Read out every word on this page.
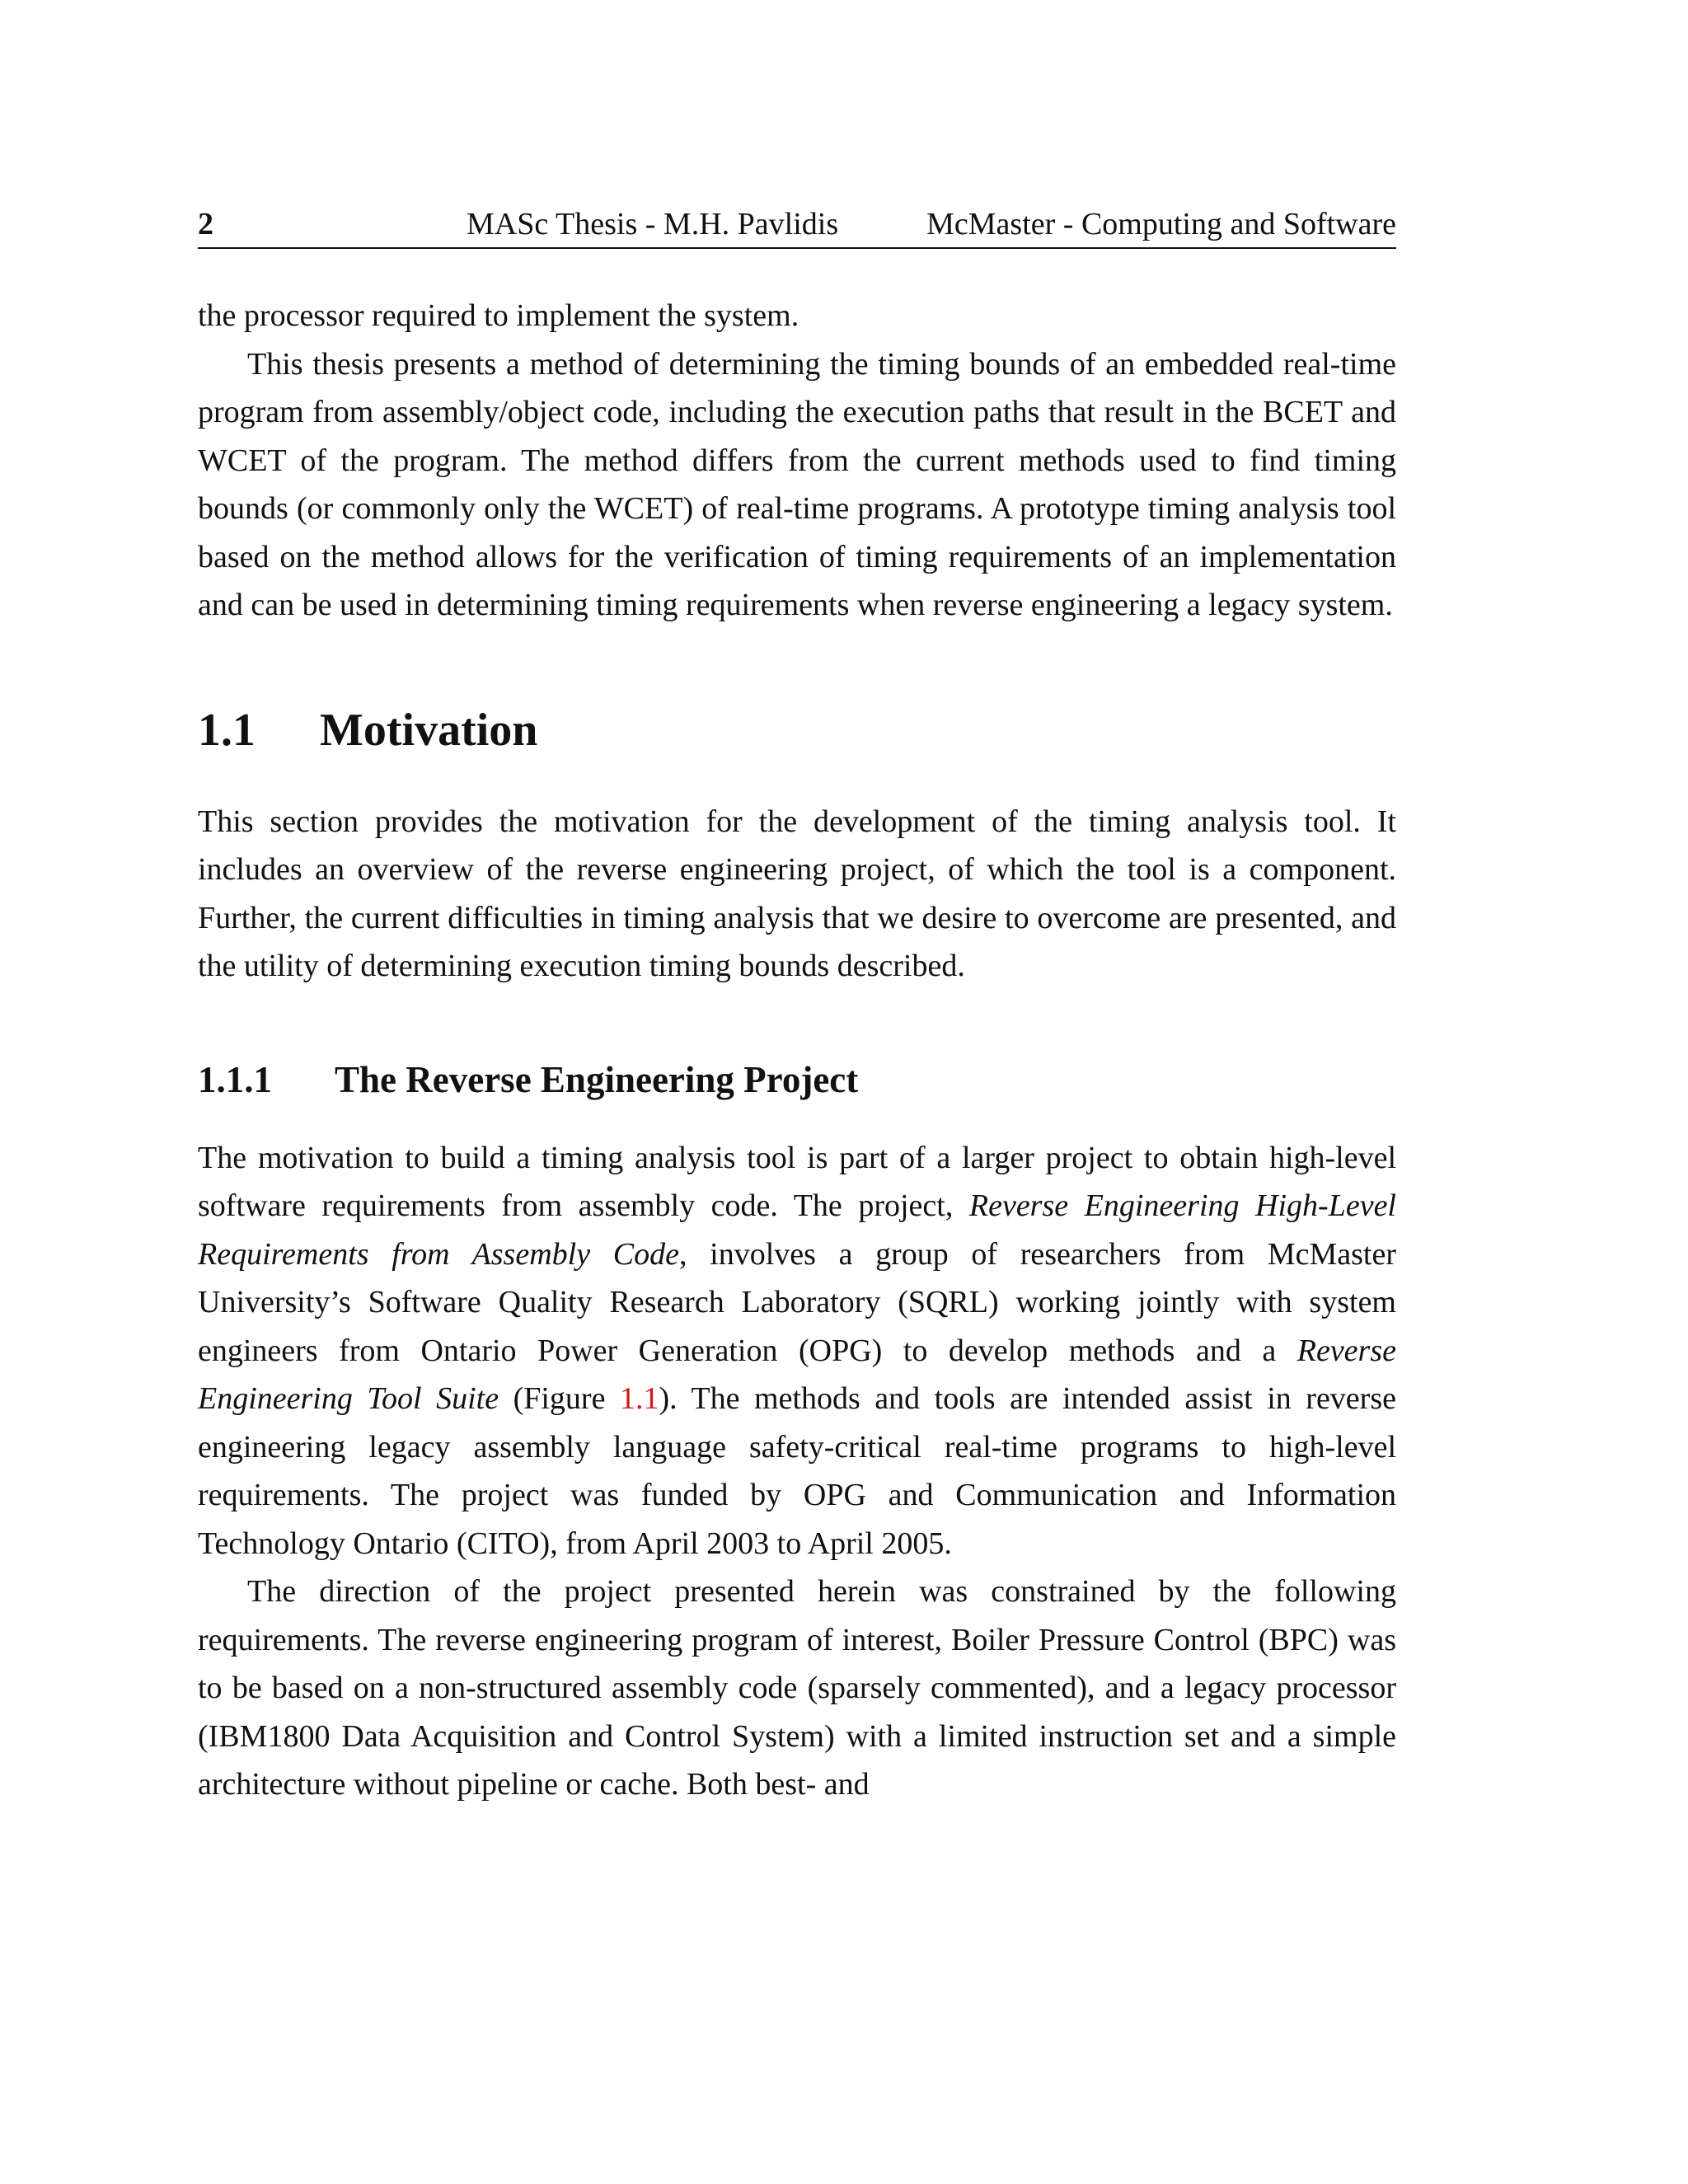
2	MASc Thesis - M.H. Pavlidis	McMaster - Computing and Software

the processor required to implement the system.

This thesis presents a method of determining the timing bounds of an embedded real-time program from assembly/object code, including the execution paths that result in the BCET and WCET of the program. The method differs from the current methods used to find timing bounds (or commonly only the WCET) of real-time programs. A prototype timing analysis tool based on the method allows for the verification of timing requirements of an implementation and can be used in determining timing requirements when reverse engineering a legacy system.

1.1 Motivation

This section provides the motivation for the development of the timing analysis tool. It includes an overview of the reverse engineering project, of which the tool is a component. Further, the current difficulties in timing analysis that we desire to overcome are presented, and the utility of determining execution timing bounds described.

1.1.1 The Reverse Engineering Project

The motivation to build a timing analysis tool is part of a larger project to obtain high-level software requirements from assembly code. The project, Reverse Engineering High-Level Requirements from Assembly Code, involves a group of researchers from McMaster University’s Software Quality Research Laboratory (SQRL) working jointly with system engineers from Ontario Power Generation (OPG) to develop methods and a Reverse Engineering Tool Suite (Figure 1.1). The methods and tools are intended assist in reverse engineering legacy assembly language safety-critical real-time programs to high-level requirements. The project was funded by OPG and Communication and Information Technology Ontario (CITO), from April 2003 to April 2005.

The direction of the project presented herein was constrained by the following requirements. The reverse engineering program of interest, Boiler Pressure Control (BPC) was to be based on a non-structured assembly code (sparsely commented), and a legacy processor (IBM1800 Data Acquisition and Control System) with a limited instruction set and a simple architecture without pipeline or cache. Both best- and
